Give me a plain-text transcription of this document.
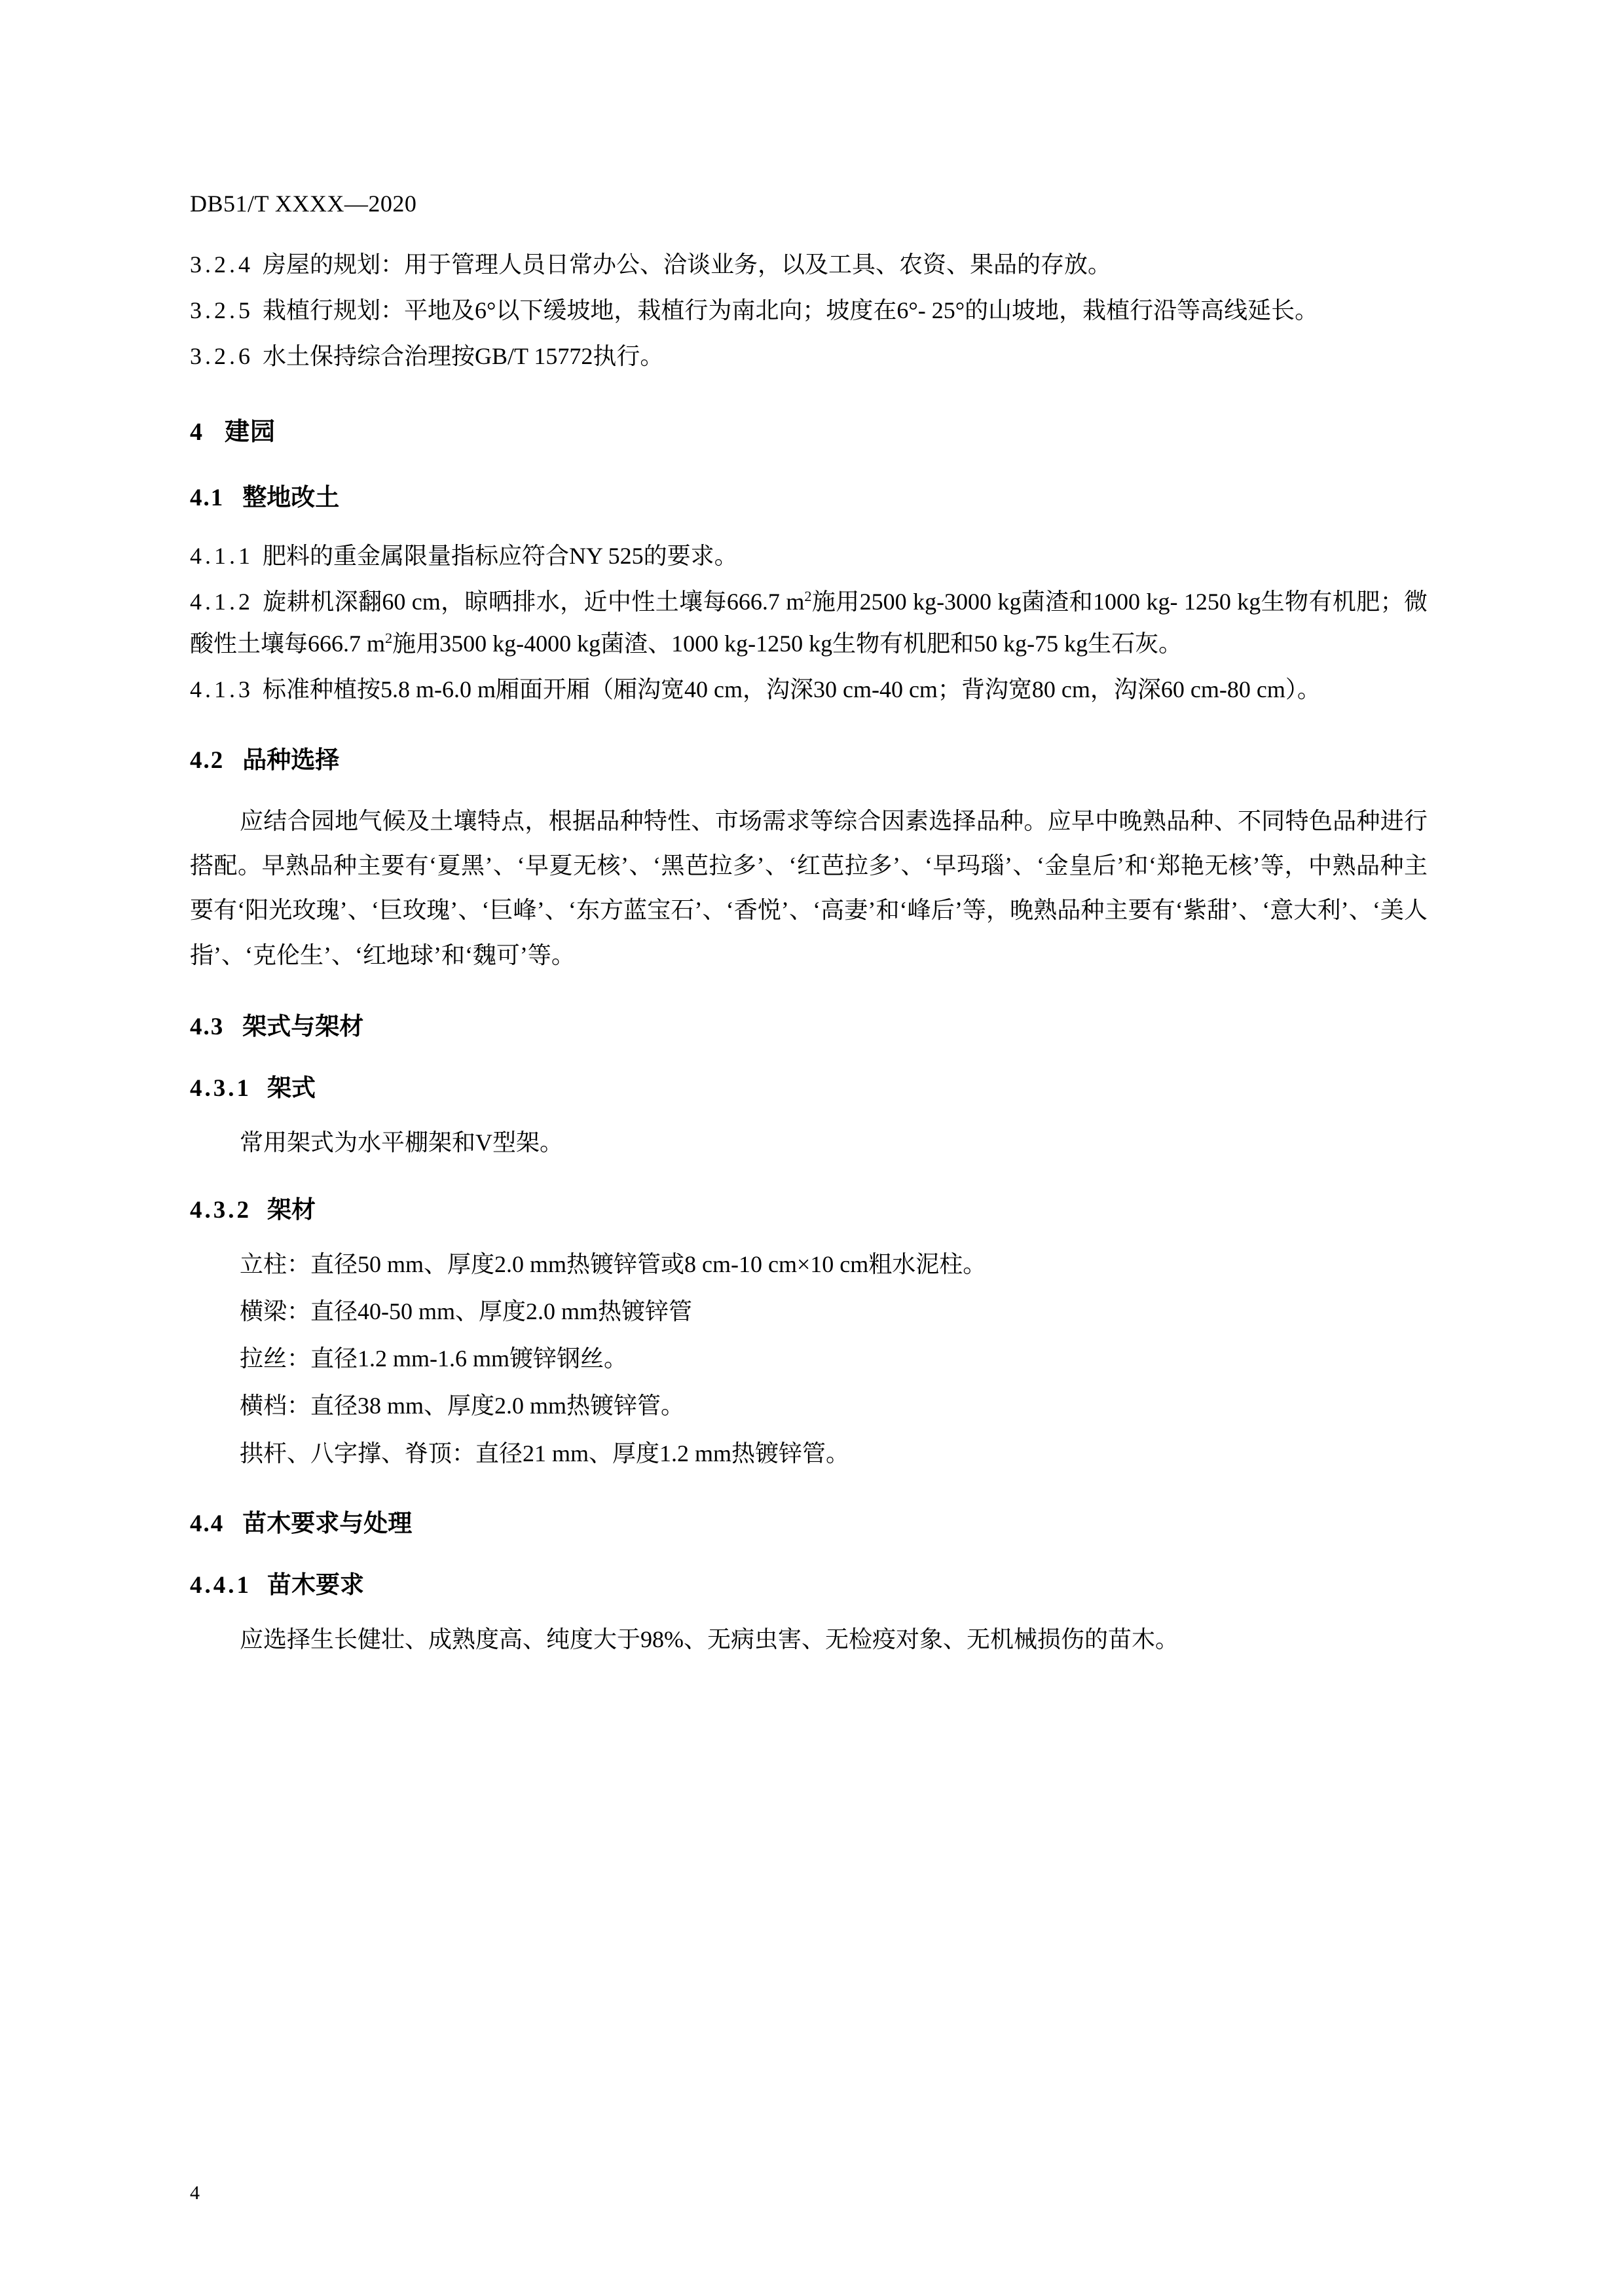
DB51/T XXXX—2020

3.2.4 房屋的规划：用于管理人员日常办公、洽谈业务，以及工具、农资、果品的存放。

3.2.5 栽植行规划：平地及6°以下缓坡地，栽植行为南北向；坡度在6°- 25°的山坡地，栽植行沿等高线延长。

3.2.6 水土保持综合治理按GB/T 15772执行。

4 建园
4.1 整地改土

4.1.1 肥料的重金属限量指标应符合NY 525的要求。

4.1.2 旋耕机深翻60 cm，晾晒排水，近中性土壤每666.7 $m^2$施用2500 kg-3000 kg菌渣和1000 kg- 1250 kg生物有机肥；微酸性土壤每666.7 $m^2$施用3500 kg-4000 kg菌渣、1000 kg-1250 kg生物有机肥和50 kg-75 kg生石灰。

4.1.3 标准种植按5.8 m-6.0 m厢面开厢（厢沟宽40 cm，沟深30 cm-40 cm；背沟宽80 cm，沟深60 cm-80 cm）。

4.2 品种选择

应结合园地气候及土壤特点，根据品种特性、市场需求等综合因素选择品种。应早中晚熟品种、不同特色品种进行搭配。早熟品种主要有‘夏黑’、‘早夏无核’、‘黑芭拉多’、‘红芭拉多’、‘早玛瑙’、‘金皇后’和‘郑艳无核’等，中熟品种主要有‘阳光玫瑰’、‘巨玫瑰’、‘巨峰’、‘东方蓝宝石’、‘香悦’、‘高妻’和‘峰后’等，晚熟品种主要有‘紫甜’、‘意大利’、‘美人指’、‘克伦生’、‘红地球’和‘魏可’等。

4.3 架式与架材
4.3.1 架式

常用架式为水平棚架和V型架。

4.3.2 架材

立柱：直径50 mm、厚度2.0 mm热镀锌管或8 cm-10 cm×10 cm粗水泥柱。

横梁：直径40-50 mm、厚度2.0 mm热镀锌管

拉丝：直径1.2 mm-1.6 mm镀锌钢丝。

横档：直径38 mm、厚度2.0 mm热镀锌管。

拱杆、八字撑、脊顶：直径21 mm、厚度1.2 mm热镀锌管。

4.4 苗木要求与处理
4.4.1 苗木要求

应选择生长健壮、成熟度高、纯度大于98%、无病虫害、无检疫对象、无机械损伤的苗木。

4
